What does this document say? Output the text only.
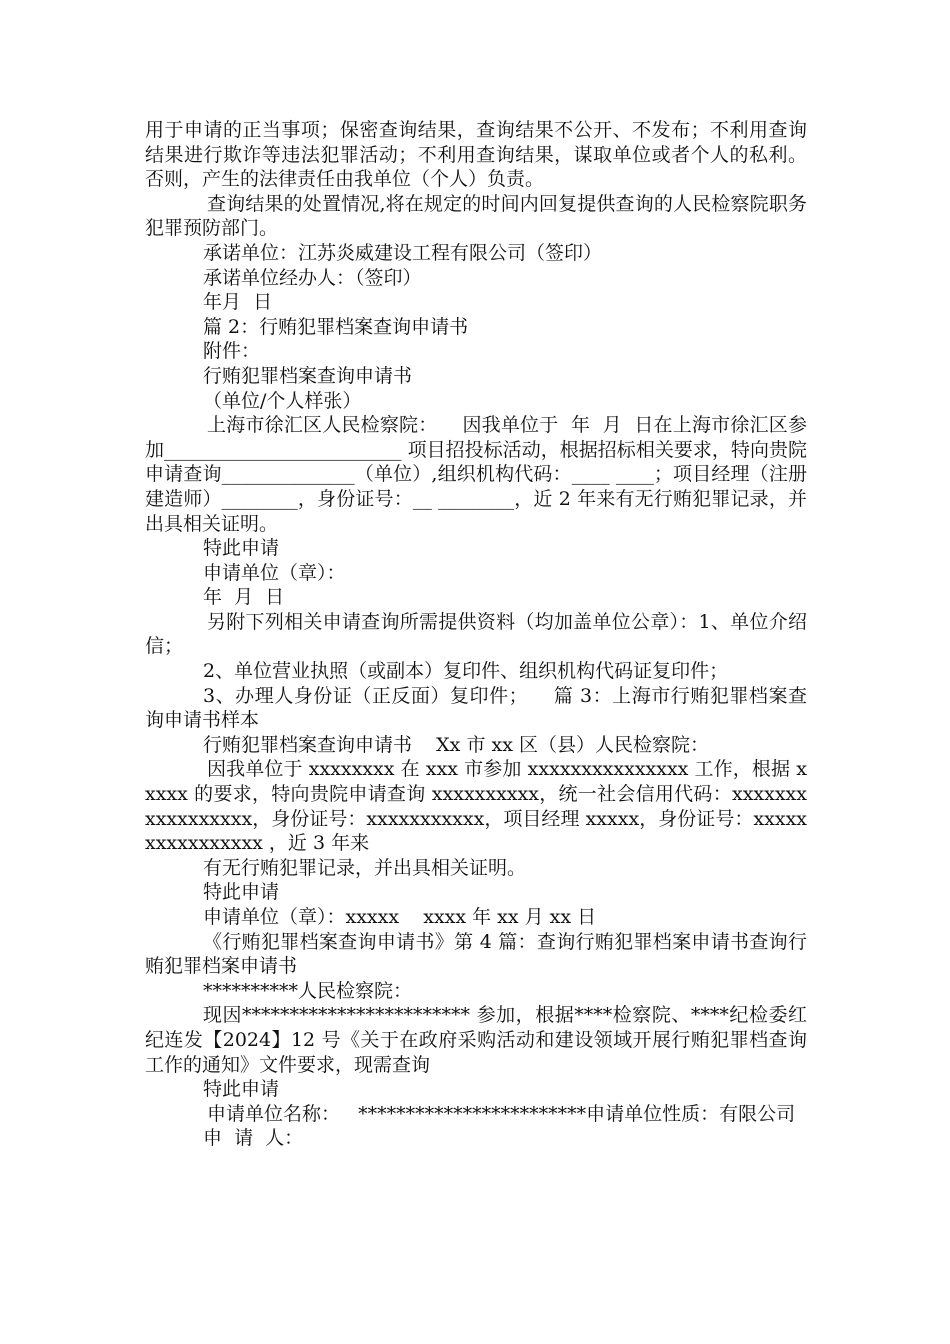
用于申请的正当事项；保密查询结果，查询结果不公开、不发布；不利用查询结果进行欺诈等违法犯罪活动；不利用查询结果，谋取单位或者个人的私利。否则，产生的法律责任由我单位（个人）负责。

查询结果的处置情况,将在规定的时间内回复提供查询的人民检察院职务犯罪预防部门。

承诺单位：江苏炎威建设工程有限公司（签印）

承诺单位经办人：（签印）

年月  日

篇 2：行贿犯罪档案查询申请书

附件：

行贿犯罪档案查询申请书

（单位/个人样张）

上海市徐汇区人民检察院：    因我单位于  年  月  日在上海市徐汇区参加_________________________ 项目招投标活动，根据招标相关要求，特向贵院申请查询______________（单位）,组织机构代码：____ ____；项目经理（注册建造师）________，身份证号：__ ________，近 2 年来有无行贿犯罪记录，并出具相关证明。

特此申请

申请单位（章）：

年  月  日

另附下列相关申请查询所需提供资料（均加盖单位公章）：1、单位介绍信；

2、单位营业执照（或副本）复印件、组织机构代码证复印件；

3、办理人身份证（正反面）复印件；    篇 3：上海市行贿犯罪档案查询申请书样本

行贿犯罪档案查询申请书    Xx 市 xx 区（县）人民检察院：

因我单位于 xxxxxxxx 在 xxx 市参加 xxxxxxxxxxxxxxx 工作，根据 xxxxx 的要求，特向贵院申请查询 xxxxxxxxxx，统一社会信用代码：xxxxxxxxxxxxxxxxx，身份证号：xxxxxxxxxxx，项目经理 xxxxx，身份证号：xxxxxxxxxxxxxxxx ，近 3 年来

有无行贿犯罪记录，并出具相关证明。

特此申请

申请单位（章）：xxxxx    xxxx 年 xx 月 xx 日

《行贿犯罪档案查询申请书》第 4 篇：查询行贿犯罪档案申请书查询行贿犯罪档案申请书

**********人民检察院：

现因************************ 参加，根据****检察院、****纪检委红纪连发【2024】12 号《关于在政府采购活动和建设领域开展行贿犯罪档查询工作的通知》文件要求，现需查询

特此申请

申请单位名称：   ************************申请单位性质：有限公司

申  请  人：
